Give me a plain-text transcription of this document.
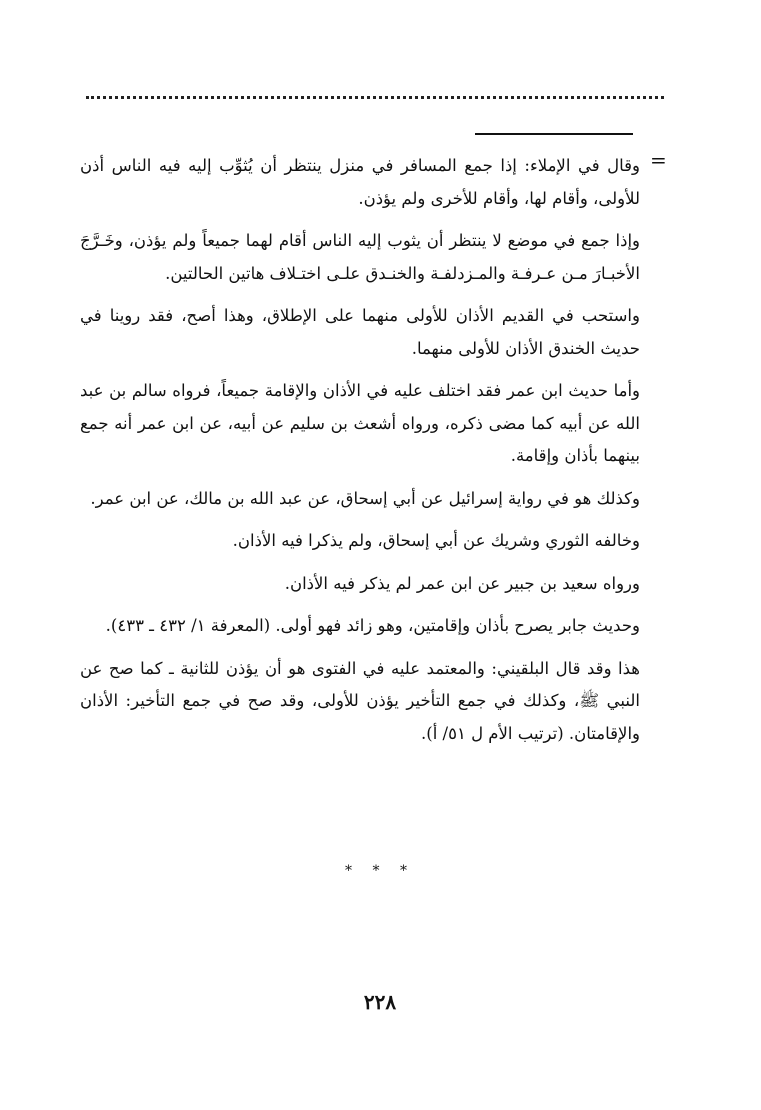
=

وقال في الإملاء: إذا جمع المسافر في منزل ينتظر أن يُثوِّب إليه فيه الناس أذن للأولى، وأقام لها، وأقام للأخرى ولم يؤذن.

وإذا جمع في موضع لا ينتظر أن يثوب إليه الناس أقام لهما جميعاً ولم يؤذن، وخَـرَّجَ الأخبـارَ مـن عـرفـة والمـزدلفـة والخنـدق علـى اختـلاف هاتين الحالتين.

واستحب في القديم الأذان للأولى منهما على الإطلاق، وهذا أصح، فقد روينا في حديث الخندق الأذان للأولى منهما.

وأما حديث ابن عمر فقد اختلف عليه في الأذان والإقامة جميعاً، فرواه سالم بن عبد الله عن أبيه كما مضى ذكره، ورواه أشعث بن سليم عن أبيه، عن ابن عمر أنه جمع بينهما بأذان وإقامة.

وكذلك هو في رواية إسرائيل عن أبي إسحاق، عن عبد الله بن مالك، عن ابن عمر.

وخالفه الثوري وشريك عن أبي إسحاق، ولم يذكرا فيه الأذان.

ورواه سعيد بن جبير عن ابن عمر لم يذكر فيه الأذان.

وحديث جابر يصرح بأذان وإقامتين، وهو زائد فهو أولى. (المعرفة ١/ ٤٣٢ ـ ٤٣٣).

هذا وقد قال البلقيني: والمعتمد عليه في الفتوى هو أن يؤذن للثانية ـ كما صح عن النبي ﷺ، وكذلك في جمع التأخير يؤذن للأولى، وقد صح في جمع التأخير: الأذان والإقامتان. (ترتيب الأم ل ٥١/ أ).

* * *
٢٢٨
